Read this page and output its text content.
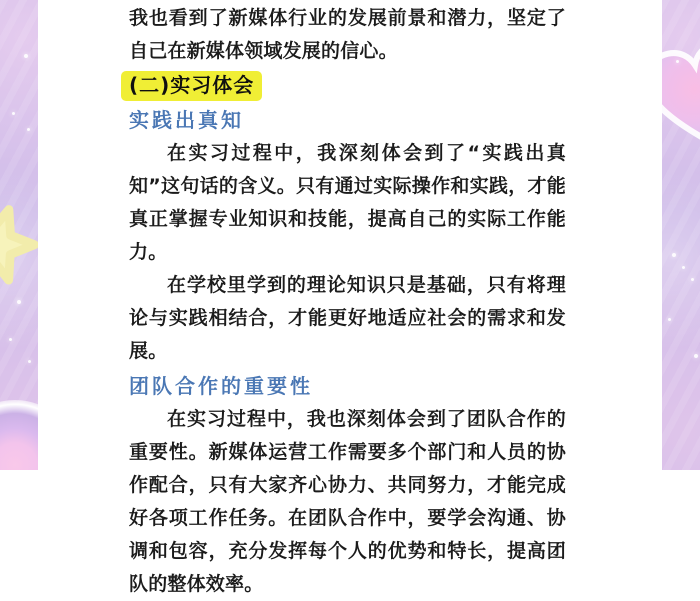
我也看到了新媒体行业的发展前景和潜力，坚定了自己在新媒体领域发展的信心。

(二)实习体会
实践出真知

在实习过程中，我深刻体会到了“实践出真知”这句话的含义。只有通过实际操作和实践，才能真正掌握专业知识和技能，提高自己的实际工作能力。

在学校里学到的理论知识只是基础，只有将理论与实践相结合，才能更好地适应社会的需求和发展。

团队合作的重要性

在实习过程中，我也深刻体会到了团队合作的重要性。新媒体运营工作需要多个部门和人员的协作配合，只有大家齐心协力、共同努力，才能完成好各项工作任务。在团队合作中，要学会沟通、协调和包容，充分发挥每个人的优势和特长，提高团队的整体效率。
